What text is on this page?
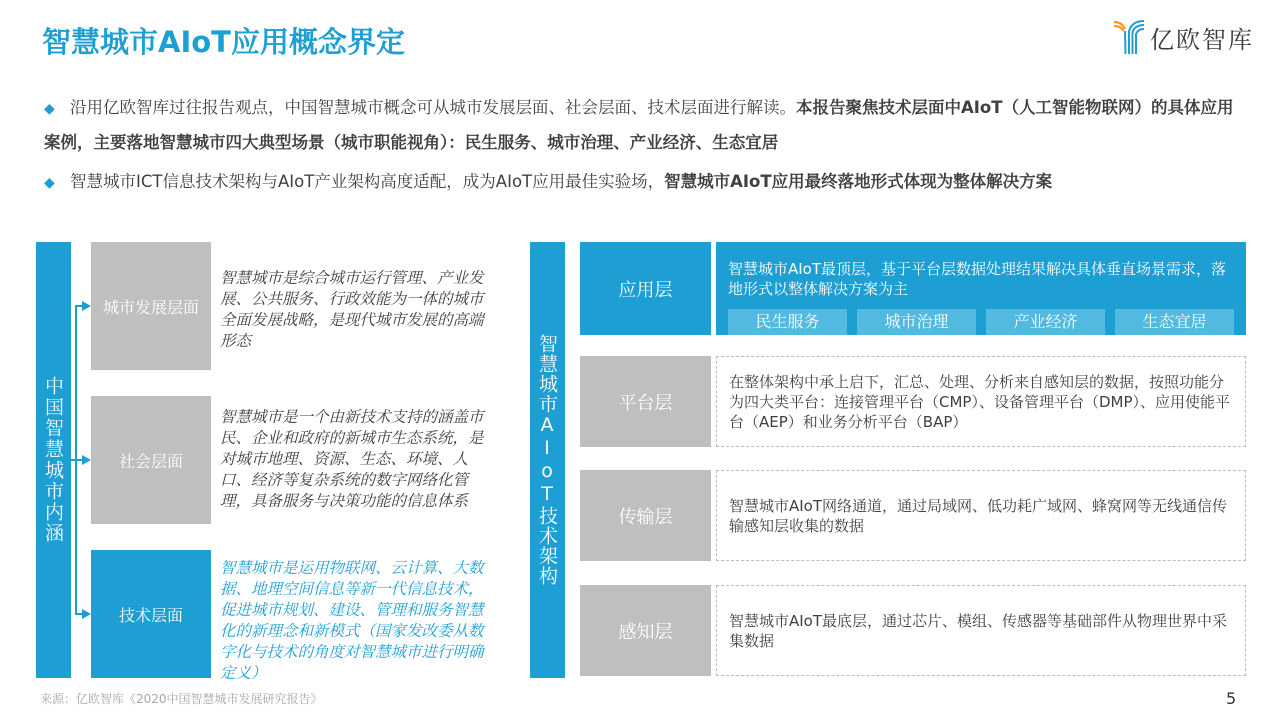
智慧城市AIoT应用概念界定	亿欧智库
◆ 沿用亿欧智库过往报告观点，中国智慧城市概念可从城市发展层面、社会层面、技术层面进行解读。本报告聚焦技术层面中AIoT（人工智能物联网）的具体应用案例，主要落地智慧城市四大典型场景（城市职能视角）：民生服务、城市治理、产业经济、生态宜居
◆ 智慧城市ICT信息技术架构与AIoT产业架构高度适配，成为AIoT应用最佳实验场，智慧城市AIoT应用最终落地形式体现为整体解决方案
中国智慧城市内涵
城市发展层面
智慧城市是综合城市运行管理、产业发展、公共服务、行政效能为一体的城市全面发展战略，是现代城市发展的高端形态
社会层面
智慧城市是一个由新技术支持的涵盖市民、企业和政府的新城市生态系统，是对城市地理、资源、生态、环境、人口、经济等复杂系统的数字网络化管理，具备服务与决策功能的信息体系
技术层面
智慧城市是运用物联网、云计算、大数据、地理空间信息等新一代信息技术，促进城市规划、建设、管理和服务智慧化的新理念和新模式（国家发改委从数字化与技术的角度对智慧城市进行明确定义）
智慧城市AIoT技术架构
应用层
智慧城市AIoT最顶层，基于平台层数据处理结果解决具体垂直场景需求，落地形式以整体解决方案为主
民生服务	城市治理	产业经济	生态宜居
平台层
在整体架构中承上启下，汇总、处理、分析来自感知层的数据，按照功能分为四大类平台：连接管理平台（CMP）、设备管理平台（DMP）、应用使能平台（AEP）和业务分析平台（BAP）
传输层
智慧城市AIoT网络通道，通过局域网、低功耗广域网、蜂窝网等无线通信传输感知层收集的数据
感知层
智慧城市AIoT最底层，通过芯片、模组、传感器等基础部件从物理世界中采集数据
来源：亿欧智库《2020中国智慧城市发展研究报告》	5
